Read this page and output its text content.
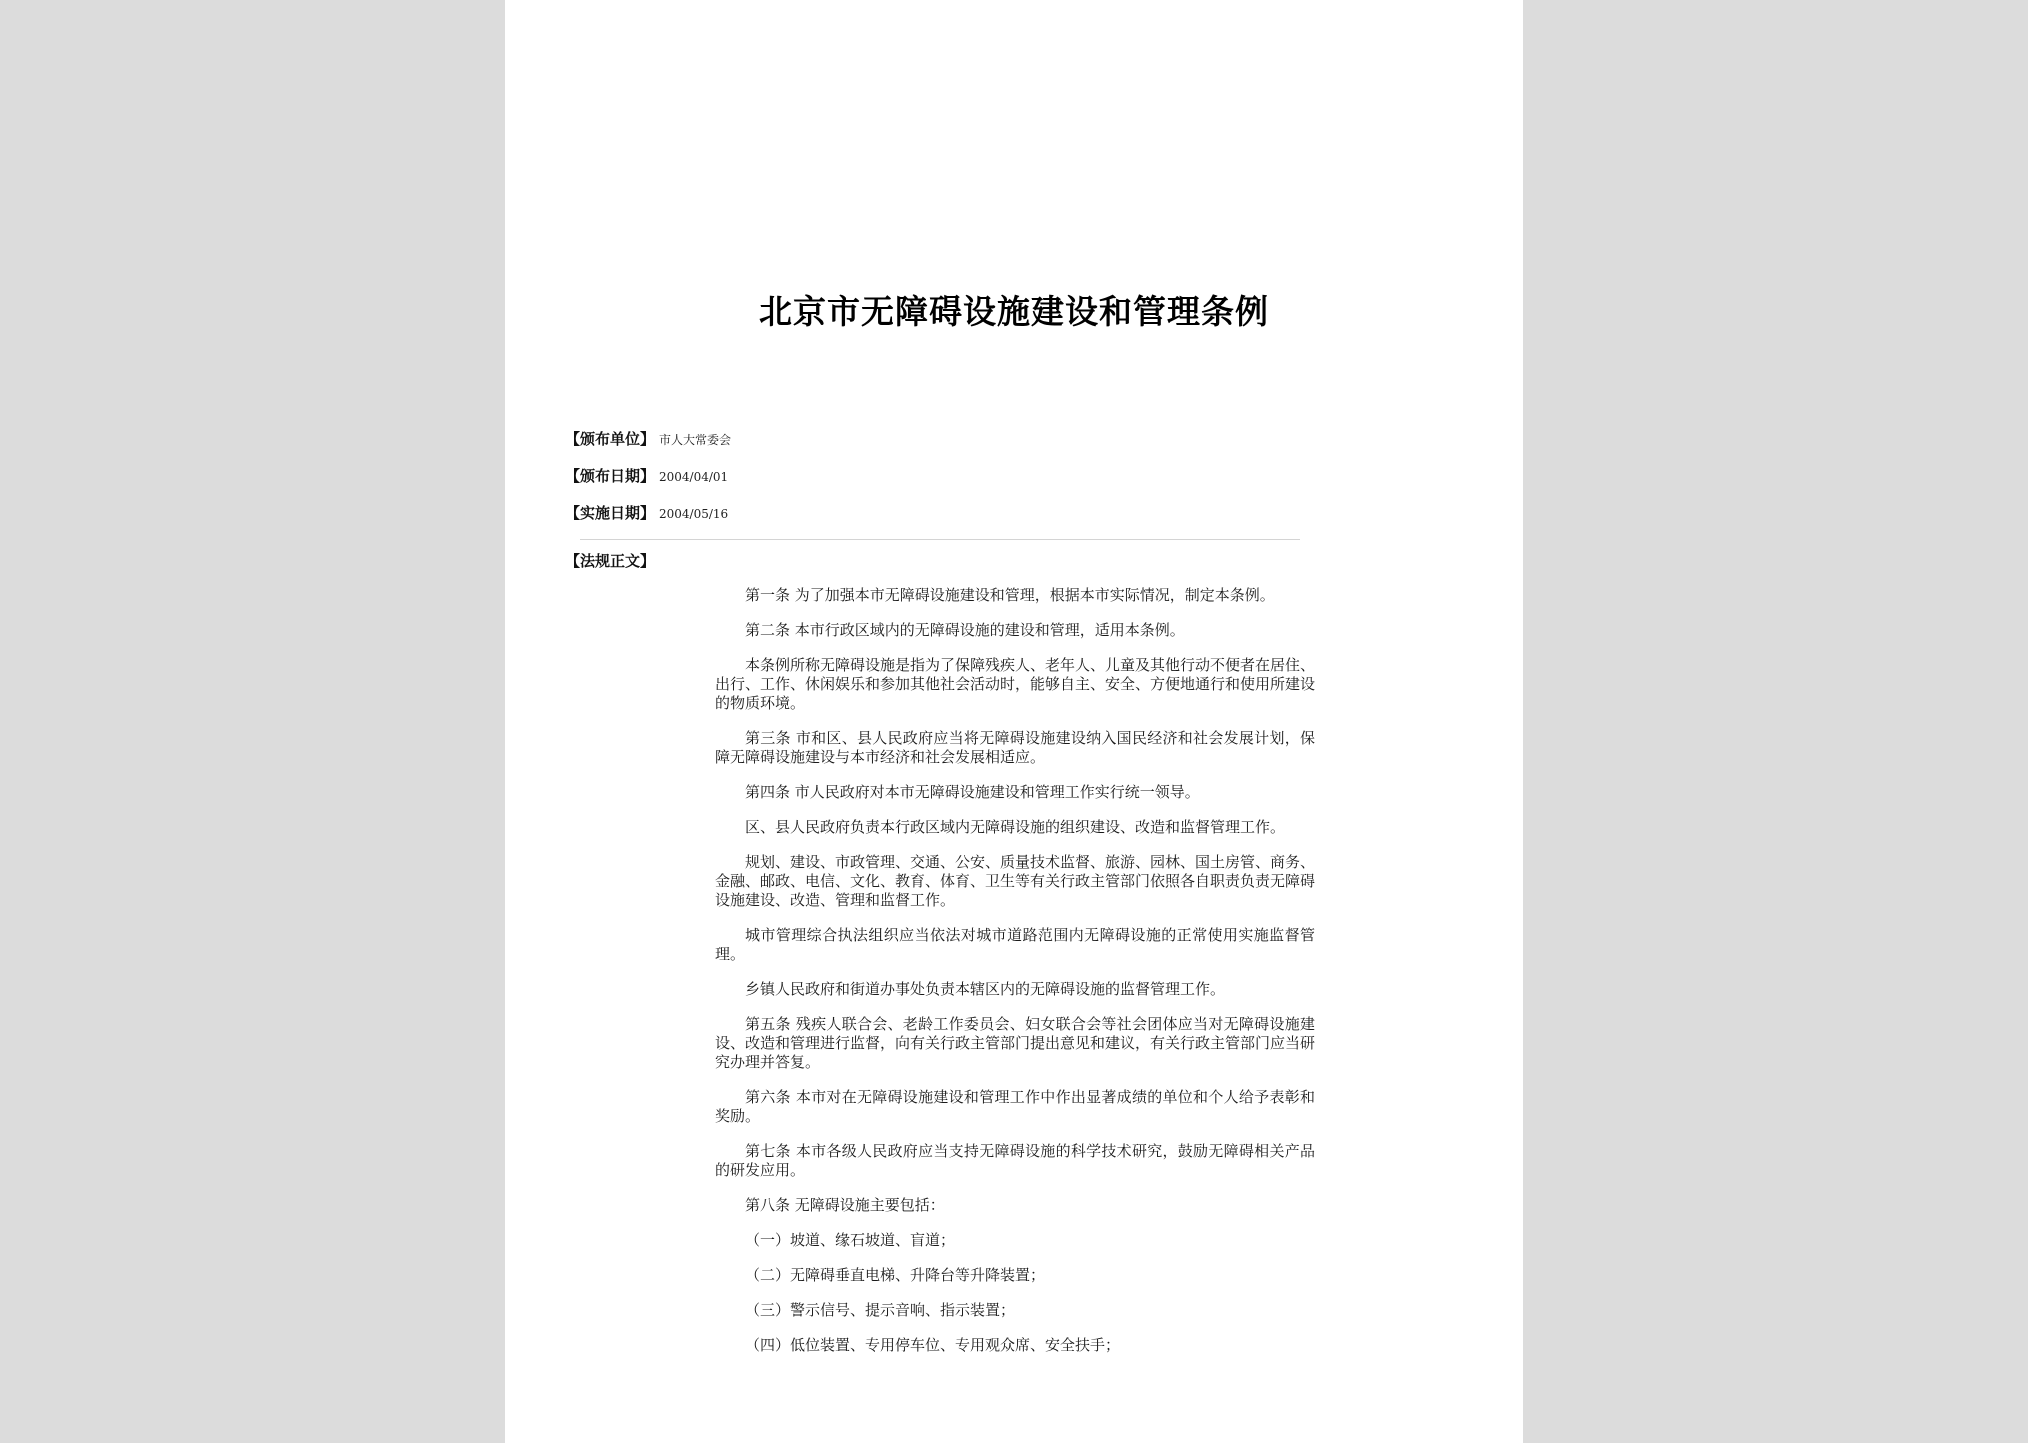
北京市无障碍设施建设和管理条例
【颁布单位】 市人大常委会
【颁布日期】 2004/04/01
【实施日期】 2004/05/16
【法规正文】

第一条 为了加强本市无障碍设施建设和管理，根据本市实际情况，制定本条例。

第二条 本市行政区域内的无障碍设施的建设和管理，适用本条例。

本条例所称无障碍设施是指为了保障残疾人、老年人、儿童及其他行动不便者在居住、出行、工作、休闲娱乐和参加其他社会活动时，能够自主、安全、方便地通行和使用所建设的物质环境。

第三条 市和区、县人民政府应当将无障碍设施建设纳入国民经济和社会发展计划，保障无障碍设施建设与本市经济和社会发展相适应。

第四条 市人民政府对本市无障碍设施建设和管理工作实行统一领导。

区、县人民政府负责本行政区域内无障碍设施的组织建设、改造和监督管理工作。

规划、建设、市政管理、交通、公安、质量技术监督、旅游、园林、国土房管、商务、金融、邮政、电信、文化、教育、体育、卫生等有关行政主管部门依照各自职责负责无障碍设施建设、改造、管理和监督工作。

城市管理综合执法组织应当依法对城市道路范围内无障碍设施的正常使用实施监督管理。

乡镇人民政府和街道办事处负责本辖区内的无障碍设施的监督管理工作。

第五条 残疾人联合会、老龄工作委员会、妇女联合会等社会团体应当对无障碍设施建设、改造和管理进行监督，向有关行政主管部门提出意见和建议，有关行政主管部门应当研究办理并答复。

第六条 本市对在无障碍设施建设和管理工作中作出显著成绩的单位和个人给予表彰和奖励。

第七条 本市各级人民政府应当支持无障碍设施的科学技术研究，鼓励无障碍相关产品的研发应用。

第八条 无障碍设施主要包括：

（一）坡道、缘石坡道、盲道；

（二）无障碍垂直电梯、升降台等升降装置；

（三）警示信号、提示音响、指示装置；

（四）低位装置、专用停车位、专用观众席、安全扶手；
